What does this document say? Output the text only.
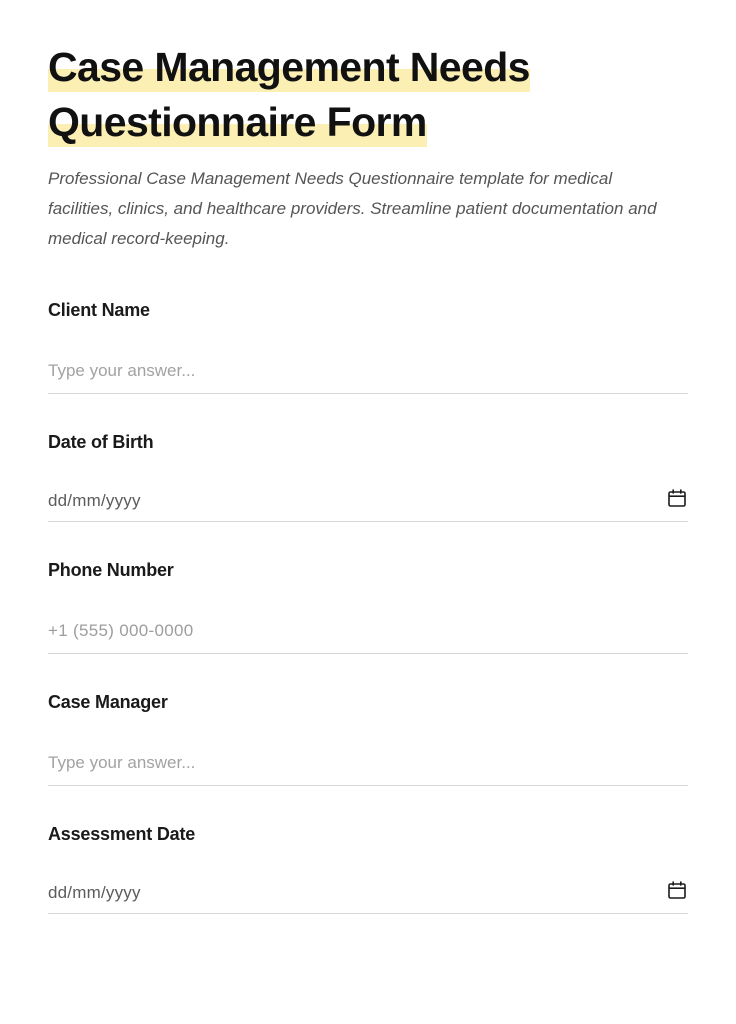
Case Management Needs
Questionnaire Form

Professional Case Management Needs Questionnaire template for medical facilities, clinics, and healthcare providers. Streamline patient documentation and medical record-keeping.

Client Name
Type your answer...
Date of Birth
dd/mm/yyyy
Phone Number
+1 (555) 000-0000
Case Manager
Type your answer...
Assessment Date
dd/mm/yyyy
